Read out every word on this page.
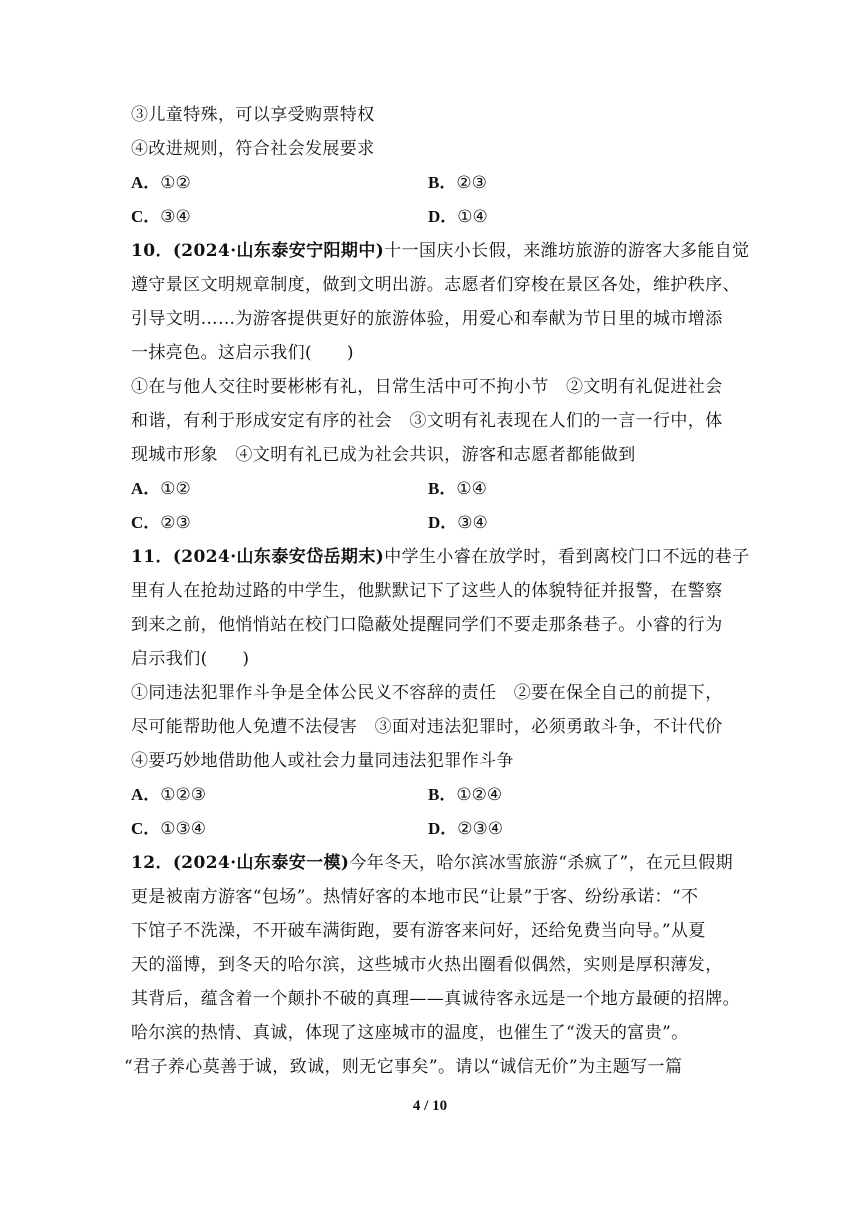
③儿童特殊，可以享受购票特权
④改进规则，符合社会发展要求
A．①②	B．②③
C．③④	D．①④
10．(2024·山东泰安宁阳期中)十一国庆小长假，来潍坊旅游的游客大多能自觉
遵守景区文明规章制度，做到文明出游。志愿者们穿梭在景区各处，维护秩序、
引导文明……为游客提供更好的旅游体验，用爱心和奉献为节日里的城市增添
一抹亮色。这启示我们(　　)
①在与他人交往时要彬彬有礼，日常生活中可不拘小节　②文明有礼促进社会
和谐，有利于形成安定有序的社会　③文明有礼表现在人们的一言一行中，体
现城市形象　④文明有礼已成为社会共识，游客和志愿者都能做到
A．①②	B．①④
C．②③	D．③④
11．(2024·山东泰安岱岳期末)中学生小睿在放学时，看到离校门口不远的巷子
里有人在抢劫过路的中学生，他默默记下了这些人的体貌特征并报警，在警察
到来之前，他悄悄站在校门口隐蔽处提醒同学们不要走那条巷子。小睿的行为
启示我们(　　)
①同违法犯罪作斗争是全体公民义不容辞的责任　②要在保全自己的前提下，
尽可能帮助他人免遭不法侵害　③面对违法犯罪时，必须勇敢斗争，不计代价
④要巧妙地借助他人或社会力量同违法犯罪作斗争
A．①②③	B．①②④
C．①③④	D．②③④
12．(2024·山东泰安一模)今年冬天，哈尔滨冰雪旅游“杀疯了”，在元旦假期
更是被南方游客“包场”。热情好客的本地市民“让景”于客、纷纷承诺：“不
下馆子不洗澡，不开破车满街跑，要有游客来问好，还给免费当向导。”从夏
天的淄博，到冬天的哈尔滨，这些城市火热出圈看似偶然，实则是厚积薄发，
其背后，蕴含着一个颠扑不破的真理——真诚待客永远是一个地方最硬的招牌。
哈尔滨的热情、真诚，体现了这座城市的温度，也催生了“泼天的富贵”。
“君子养心莫善于诚，致诚，则无它事矣”。请以“诚信无价”为主题写一篇
4 / 10
